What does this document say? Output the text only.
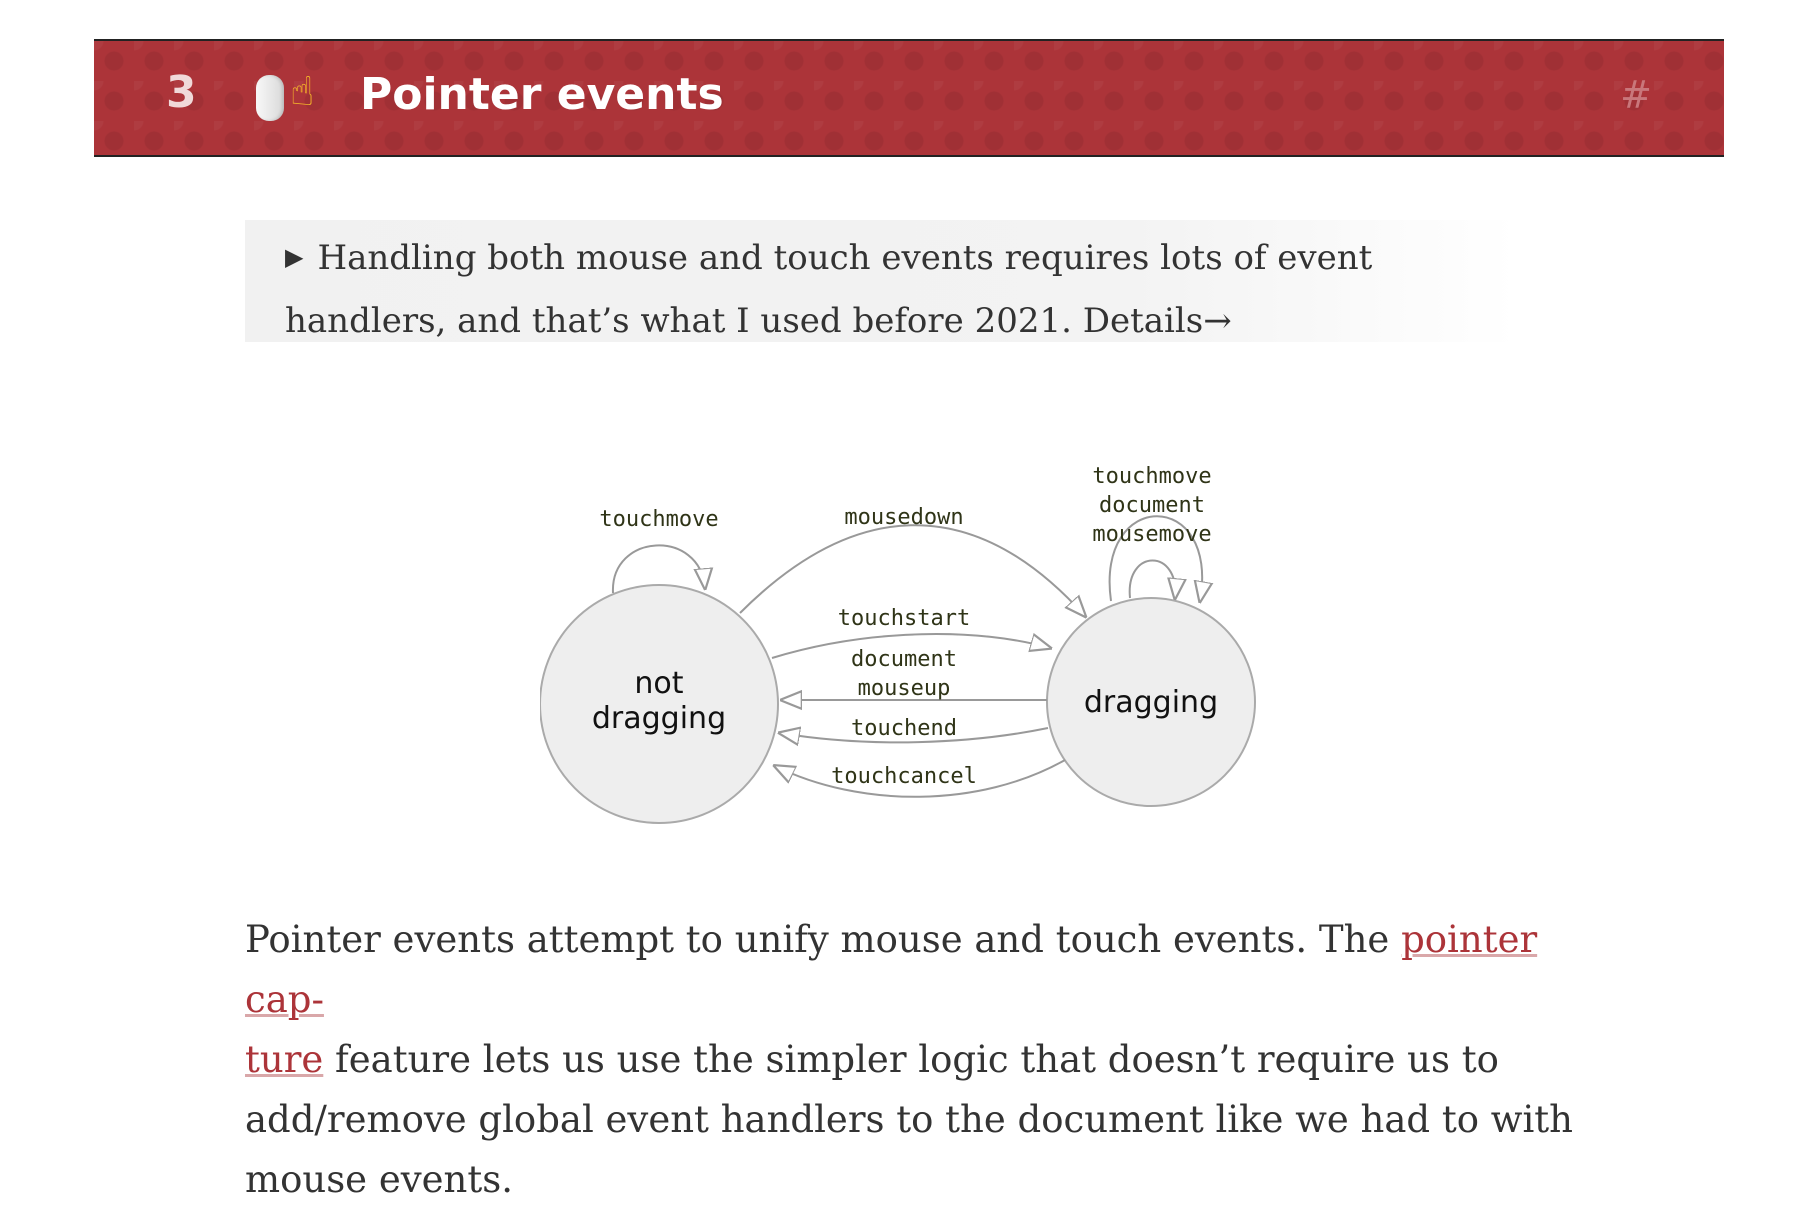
3 ☝ Pointer events	#
▶ Handling both mouse and touch events requires lots of event handlers, and that’s what I used before 2021. Details→
not
dragging	dragging
touchmove	mousedown
touchmove
document
mousemove
touchstart
document
mouseup
touchend
touchcancel

Pointer events attempt to unify mouse and touch events. The pointer cap-
ture feature lets us use the simpler logic that doesn’t require us to add/remove global event handlers to the document like we had to with mouse events.
